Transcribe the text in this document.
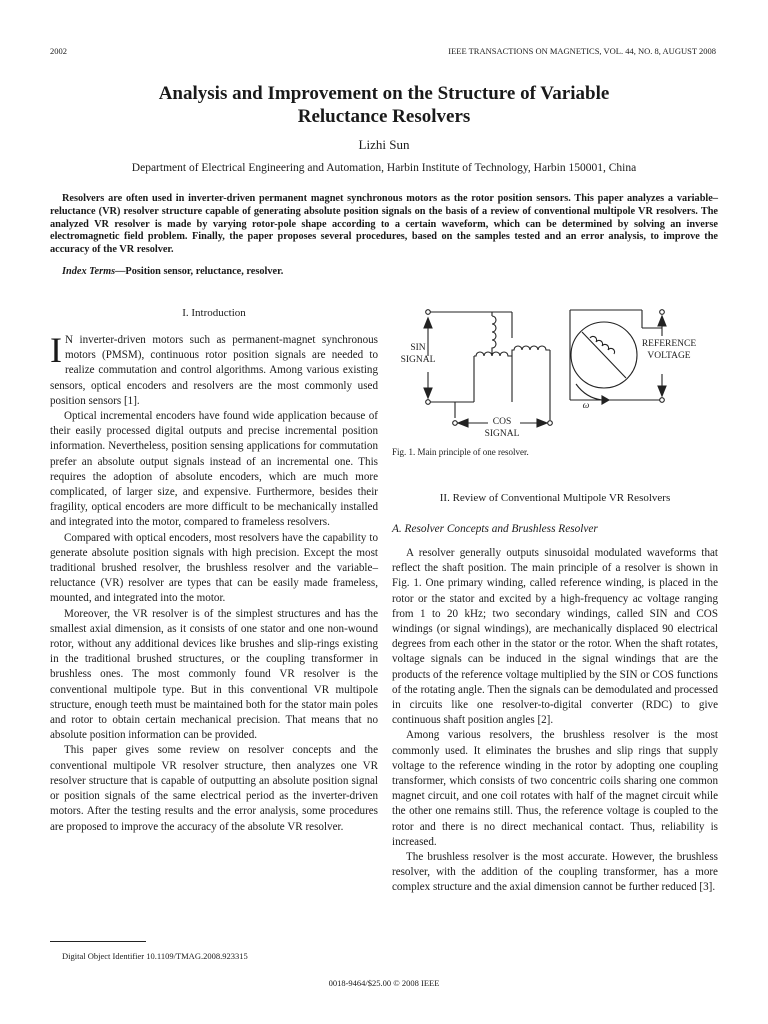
2002	IEEE TRANSACTIONS ON MAGNETICS, VOL. 44, NO. 8, AUGUST 2008
Analysis and Improvement on the Structure of Variable
Reluctance Resolvers
Lizhi Sun
Department of Electrical Engineering and Automation, Harbin Institute of Technology, Harbin 150001, China
Resolvers are often used in inverter-driven permanent magnet synchronous motors as the rotor position sensors. This paper analyzes a variable–reluctance (VR) resolver structure capable of generating absolute position signals on the basis of a review of conventional multipole VR resolvers. The analyzed VR resolver is made by varying rotor-pole shape according to a certain waveform, which can be determined by solving an inverse electromagnetic field problem. Finally, the paper proposes several procedures, based on the samples tested and an error analysis, to improve the accuracy of the VR resolver.
Index Terms—Position sensor, reluctance, resolver.
I. Introduction

I N inverter-driven motors such as permanent-magnet synchronous motors (PMSM), continuous rotor position signals are needed to realize commutation and control algorithms. Among various existing sensors, optical encoders and resolvers are the most commonly used position sensors [1].

Optical incremental encoders have found wide application because of their easily processed digital outputs and precise incremental position information. Nevertheless, position sensing applications for commutation prefer an absolute output signals instead of an incremental one. This requires the adoption of absolute encoders, which are much more complicated, of larger size, and expensive. Furthermore, besides their fragility, optical encoders are more difficult to be mechanically installed and integrated into the motor, compared to frameless resolvers.

Compared with optical encoders, most resolvers have the capability to generate absolute position signals with high precision. Except the most traditional brushed resolver, the brushless resolver and the variable–reluctance (VR) resolver are types that can be easily made frameless, mounted, and integrated into the motor.

Moreover, the VR resolver is of the simplest structures and has the smallest axial dimension, as it consists of one stator and one non-wound rotor, without any additional devices like brushes and slip-rings existing in the traditional brushed structures, or the coupling transformer in brushless ones. The most commonly found VR resolver is the conventional multipole type. But in this conventional VR multipole structure, enough teeth must be maintained both for the stator main poles and rotor to obtain certain mechanical precision. That means that no absolute position information can be provided.

This paper gives some review on resolver concepts and the conventional multipole VR resolver structure, then analyzes one VR resolver structure that is capable of outputting an absolute position signal or position signals of the same electrical period as the inverter-driven motors. After the testing results and the error analysis, some procedures are proposed to improve the accuracy of the absolute VR resolver.

Digital Object Identifier 10.1109/TMAG.2008.923315
SIN
SIGNAL
COS
SIGNAL
REFERENCE
VOLTAGE
ω
Fig. 1. Main principle of one resolver.
II. Review of Conventional Multipole VR Resolvers
A. Resolver Concepts and Brushless Resolver

A resolver generally outputs sinusoidal modulated waveforms that reflect the shaft position. The main principle of a resolver is shown in Fig. 1. One primary winding, called reference winding, is placed in the rotor or the stator and excited by a high-frequency ac voltage ranging from 1 to 20 kHz; two secondary windings, called SIN and COS windings (or signal windings), are mechanically displaced 90 electrical degrees from each other in the stator or the rotor. When the shaft rotates, voltage signals can be induced in the signal windings that are the products of the reference voltage multiplied by the SIN or COS functions of the rotating angle. Then the signals can be demodulated and processed in circuits like one resolver-to-digital converter (RDC) to give continuous shaft position angles [2].

Among various resolvers, the brushless resolver is the most commonly used. It eliminates the brushes and slip rings that supply voltage to the reference winding in the rotor by adopting one coupling transformer, which consists of two concentric coils sharing one common magnet circuit, and one coil rotates with half of the magnet circuit while the other one remains still. Thus, the reference voltage is coupled to the rotor and there is no direct mechanical contact. Thus, reliability is increased.

The brushless resolver is the most accurate. However, the brushless resolver, with the addition of the coupling transformer, has a more complex structure and the axial dimension cannot be further reduced [3].

0018-9464/$25.00 © 2008 IEEE
